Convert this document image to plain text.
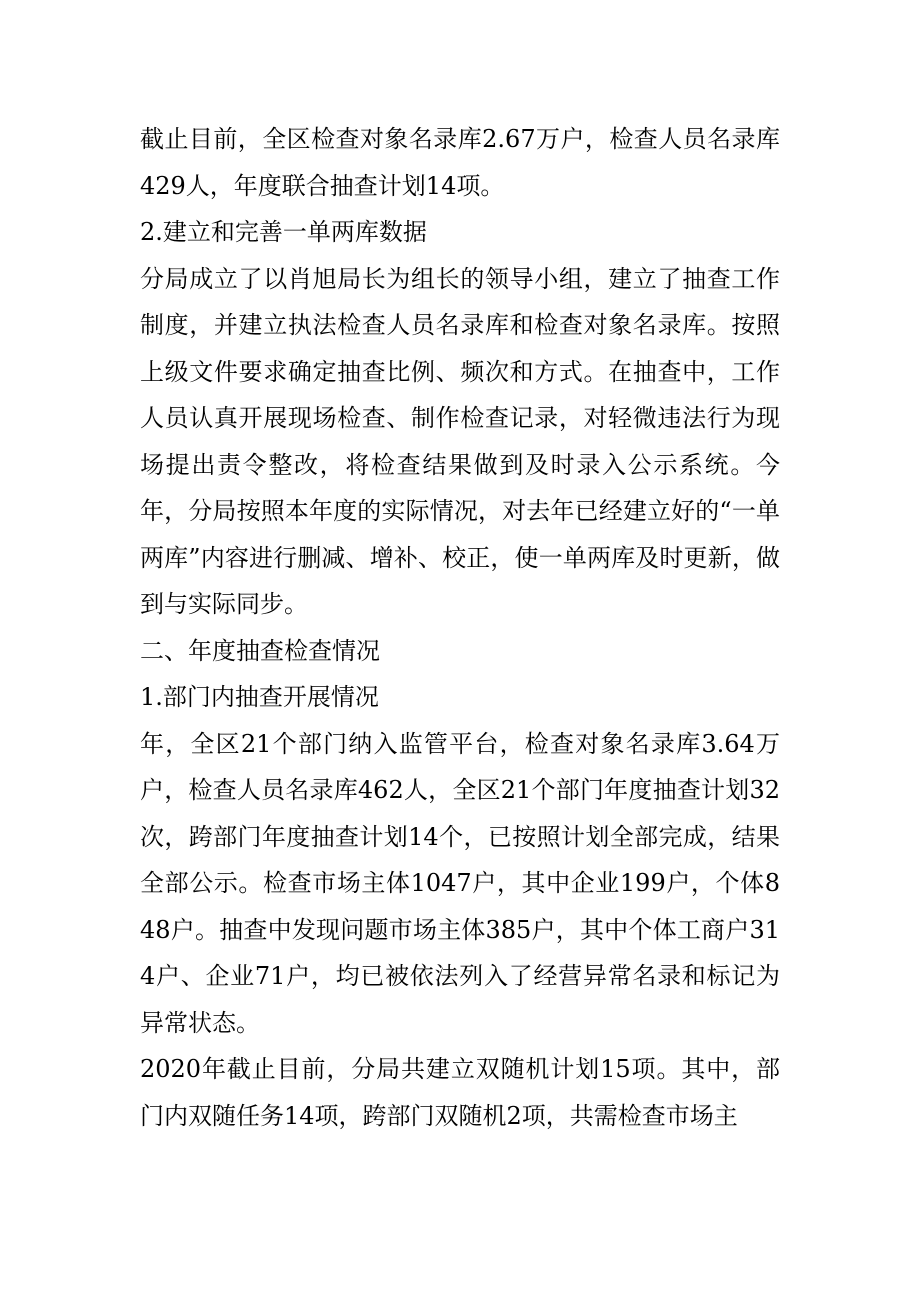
截止目前，全区检查对象名录库2.67万户，检查人员名录库429人，年度联合抽查计划14项。

2.建立和完善一单两库数据

分局成立了以肖旭局长为组长的领导小组，建立了抽查工作制度，并建立执法检查人员名录库和检查对象名录库。按照上级文件要求确定抽查比例、频次和方式。在抽查中，工作人员认真开展现场检查、制作检查记录，对轻微违法行为现场提出责令整改，将检查结果做到及时录入公示系统。今年，分局按照本年度的实际情况，对去年已经建立好的“一单两库”内容进行删减、增补、校正，使一单两库及时更新，做到与实际同步。

二、年度抽查检查情况

1.部门内抽查开展情况

年，全区21个部门纳入监管平台，检查对象名录库3.64万户，检查人员名录库462人，全区21个部门年度抽查计划32次，跨部门年度抽查计划14个，已按照计划全部完成，结果全部公示。检查市场主体1047户，其中企业199户，个体848户。抽查中发现问题市场主体385户，其中个体工商户314户、企业71户，均已被依法列入了经营异常名录和标记为异常状态。

2020年截止目前，分局共建立双随机计划15项。其中，部门内双随任务14项，跨部门双随机2项，共需检查市场主
